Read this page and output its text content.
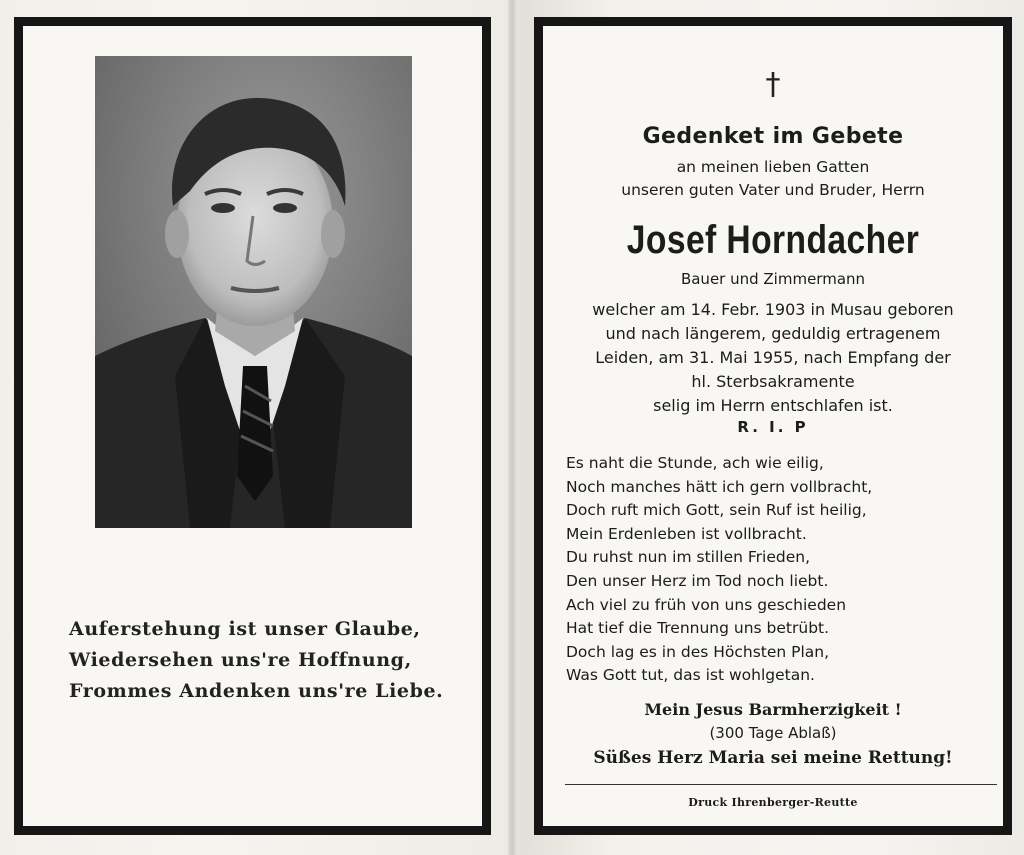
Auferstehung ist unser Glaube,
Wiedersehen uns're Hoffnung,
Frommes Andenken uns're Liebe.
†
Gedenket im Gebete
an meinen lieben Gatten
unseren guten Vater und Bruder, Herrn
Josef Horndacher
Bauer und Zimmermann
welcher am 14. Febr. 1903 in Musau geboren
und nach längerem, geduldig ertragenem
Leiden, am 31. Mai 1955, nach Empfang der
hl. Sterbsakramente
selig im Herrn entschlafen ist.
R. I. P
Es naht die Stunde, ach wie eilig,
Noch manches hätt ich gern vollbracht,
Doch ruft mich Gott, sein Ruf ist heilig,
Mein Erdenleben ist vollbracht.
Du ruhst nun im stillen Frieden,
Den unser Herz im Tod noch liebt.
Ach viel zu früh von uns geschieden
Hat tief die Trennung uns betrübt.
Doch lag es in des Höchsten Plan,
Was Gott tut, das ist wohlgetan.
Mein Jesus Barmherzigkeit !
(300 Tage Ablaß)
Süßes Herz Maria sei meine Rettung!
Druck Ihrenberger-Reutte
